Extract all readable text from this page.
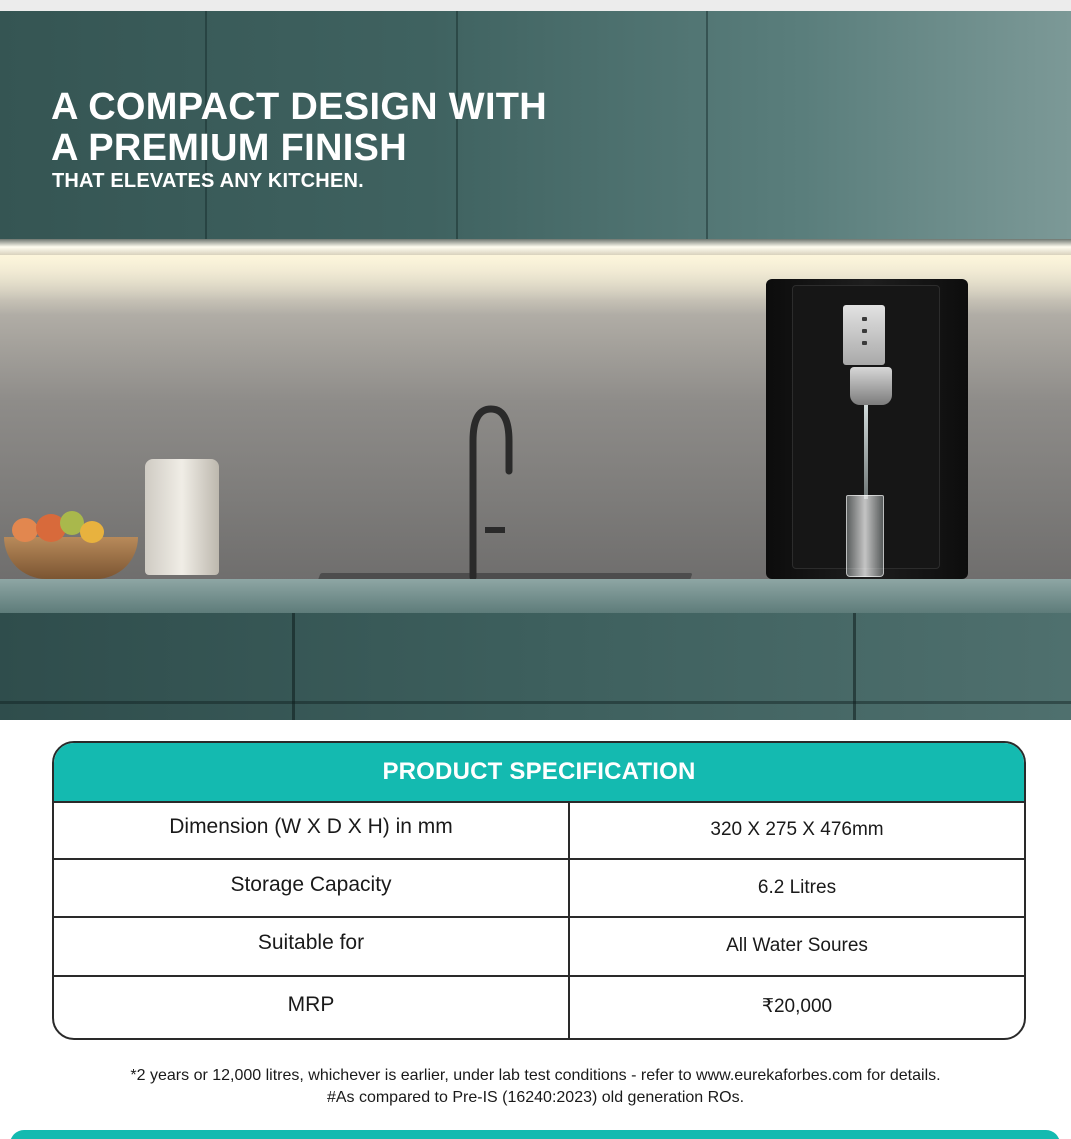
A COMPACT DESIGN WITH
A PREMIUM FINISH
THAT ELEVATES ANY KITCHEN.
PRODUCT SPECIFICATION
Dimension (W X D X H) in mm	320 X 275 X 476mm
Storage Capacity	6.2 Litres
Suitable for	All Water Soures
MRP	₹20,000
*2 years or 12,000 litres, whichever is earlier, under lab test conditions - refer to www.eurekaforbes.com for details.
#As compared to Pre-IS (16240:2023) old generation ROs.
